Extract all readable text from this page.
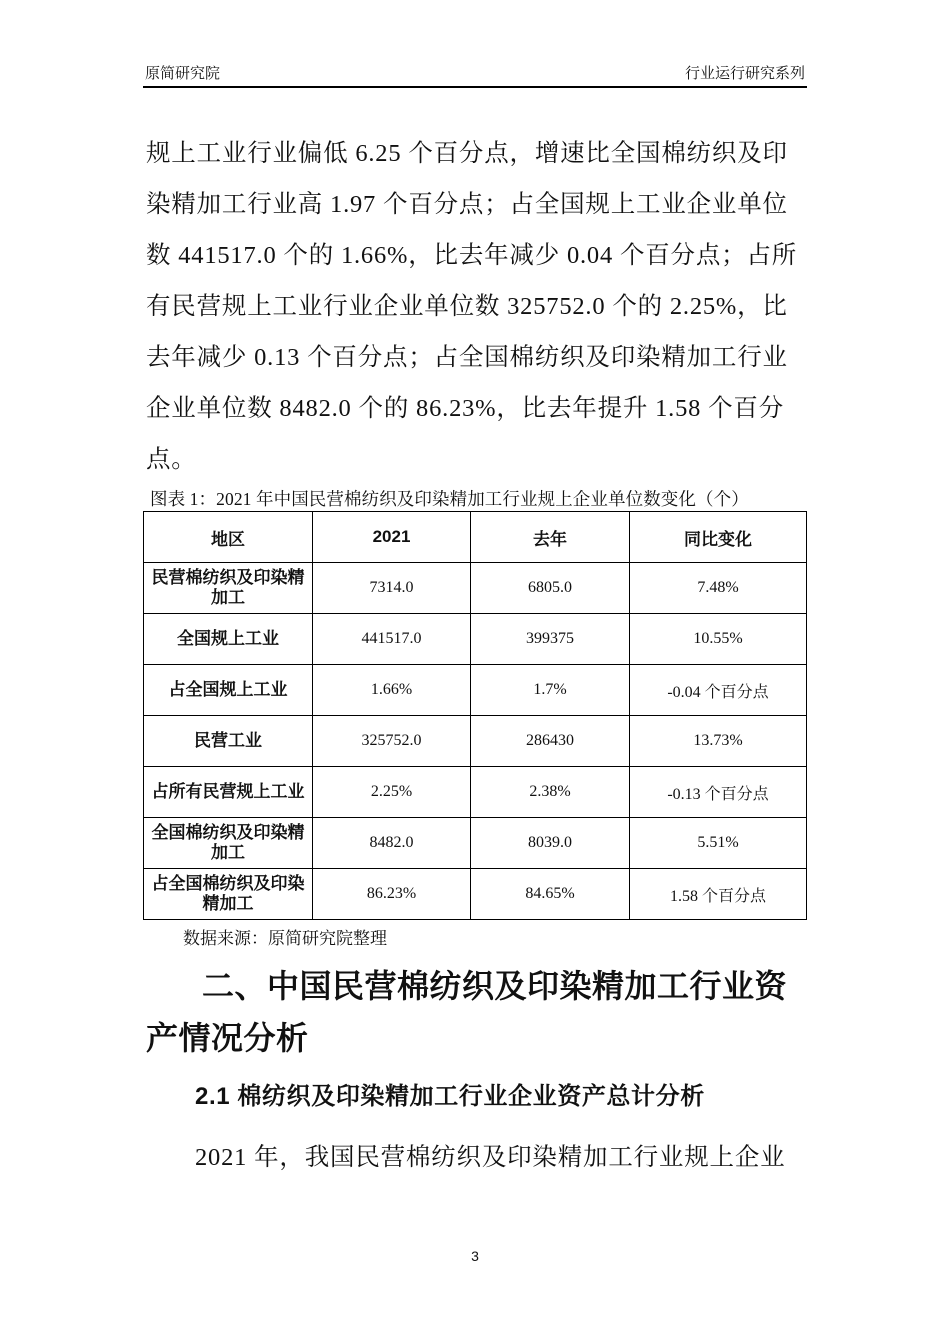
原简研究院	行业运行研究系列

规上工业行业偏低 6.25 个百分点，增速比全国棉纺织及印

染精加工行业高 1.97 个百分点；占全国规上工业企业单位

数 441517.0 个的 1.66%，比去年减少 0.04 个百分点；占所

有民营规上工业行业企业单位数 325752.0 个的 2.25%，比

去年减少 0.13 个百分点；占全国棉纺织及印染精加工行业

企业单位数 8482.0 个的 86.23%，比去年提升 1.58 个百分

点。

图表 1：2021 年中国民营棉纺织及印染精加工行业规上企业单位数变化（个）
地区	2021	去年	同比变化
民营棉纺织及印染精加工	7314.0	6805.0	7.48%
全国规上工业	441517.0	399375	10.55%
占全国规上工业	1.66%	1.7%	-0.04 个百分点
民营工业	325752.0	286430	13.73%
占所有民营规上工业	2.25%	2.38%	-0.13 个百分点
全国棉纺织及印染精加工	8482.0	8039.0	5.51%
占全国棉纺织及印染精加工	86.23%	84.65%	1.58 个百分点
数据来源：原简研究院整理
二、中国民营棉纺织及印染精加工行业资产情况分析
2.1 棉纺织及印染精加工行业企业资产总计分析
2021 年，我国民营棉纺织及印染精加工行业规上企业
3
